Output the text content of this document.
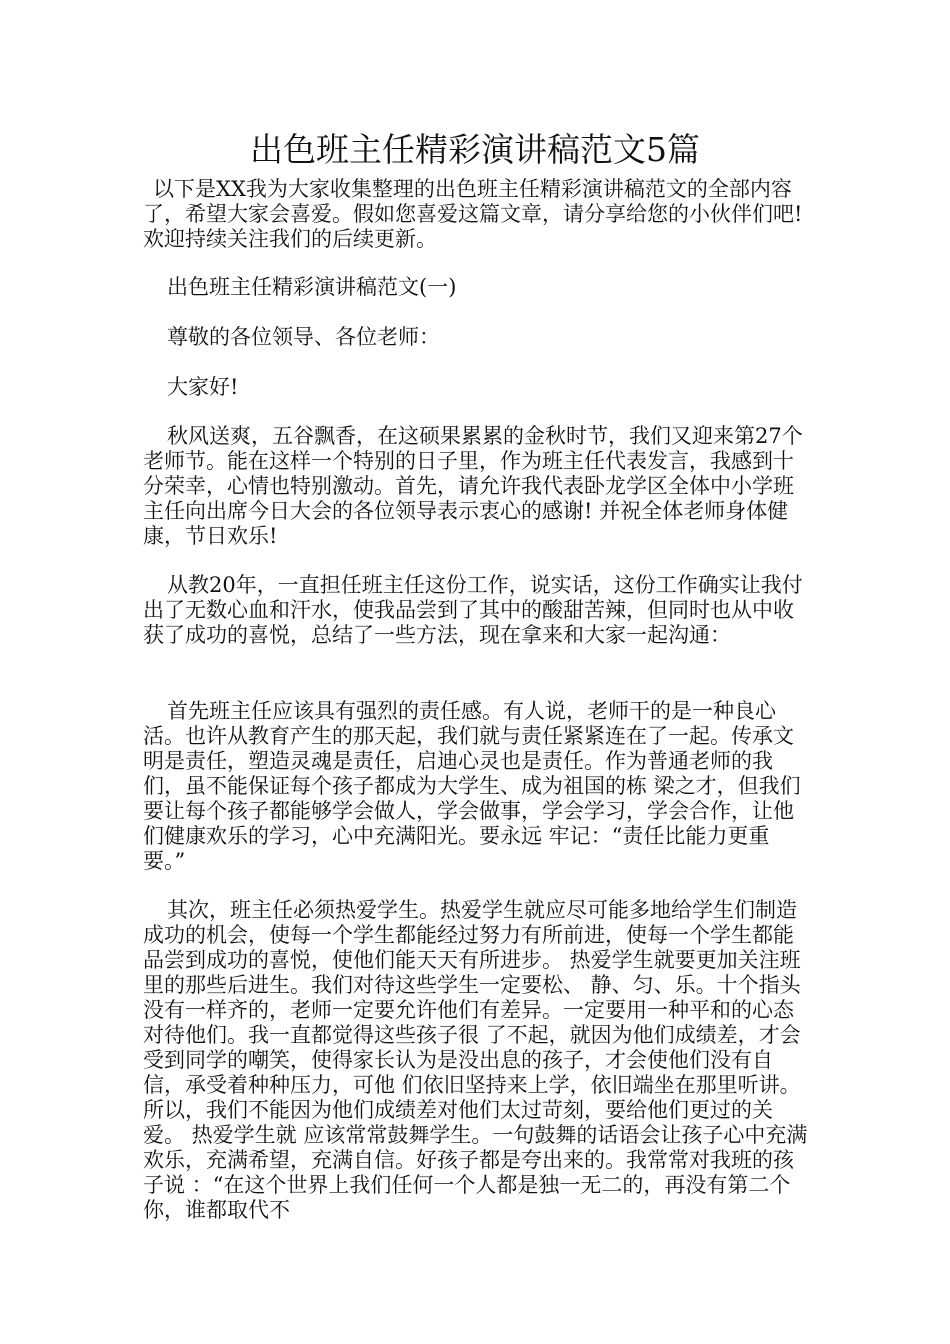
出色班主任精彩演讲稿范文5篇

以下是XX我为大家收集整理的出色班主任精彩演讲稿范文的全部内容了，希望大家会喜爱。假如您喜爱这篇文章，请分享给您的小伙伴们吧!欢迎持续关注我们的后续更新。

出色班主任精彩演讲稿范文(一)

尊敬的各位领导、各位老师：

大家好!

秋风送爽，五谷飘香，在这硕果累累的金秋时节，我们又迎来第27个老师节。能在这样一个特别的日子里，作为班主任代表发言，我感到十分荣幸，心情也特别激动。首先，请允许我代表卧龙学区全体中小学班主任向出席今日大会的各位领导表示衷心的感谢! 并祝全体老师身体健康，节日欢乐!

从教20年，一直担任班主任这份工作，说实话，这份工作确实让我付出了无数心血和汗水，使我品尝到了其中的酸甜苦辣，但同时也从中收获了成功的喜悦，总结了一些方法，现在拿来和大家一起沟通：

首先班主任应该具有强烈的责任感。有人说，老师干的是一种良心活。也许从教育产生的那天起，我们就与责任紧紧连在了一起。传承文明是责任，塑造灵魂是责任，启迪心灵也是责任。作为普通老师的我们，虽不能保证每个孩子都成为大学生、成为祖国的栋 梁之才，但我们要让每个孩子都能够学会做人，学会做事，学会学习，学会合作，让他们健康欢乐的学习，心中充满阳光。要永远 牢记：“责任比能力更重要。”

其次，班主任必须热爱学生。热爱学生就应尽可能多地给学生们制造成功的机会，使每一个学生都能经过努力有所前进，使每一个学生都能品尝到成功的喜悦，使他们能天天有所进步。 热爱学生就要更加关注班里的那些后进生。我们对待这些学生一定要松、 静、匀、乐。十个指头没有一样齐的，老师一定要允许他们有差异。一定要用一种平和的心态对待他们。我一直都觉得这些孩子很 了不起，就因为他们成绩差，才会受到同学的嘲笑，使得家长认为是没出息的孩子，才会使他们没有自信，承受着种种压力，可他 们依旧坚持来上学，依旧端坐在那里听讲。所以，我们不能因为他们成绩差对他们太过苛刻，要给他们更过的关爱。 热爱学生就 应该常常鼓舞学生。一句鼓舞的话语会让孩子心中充满欢乐，充满希望，充满自信。好孩子都是夸出来的。我常常对我班的孩子说 ：“在这个世界上我们任何一个人都是独一无二的，再没有第二个你，谁都取代不
